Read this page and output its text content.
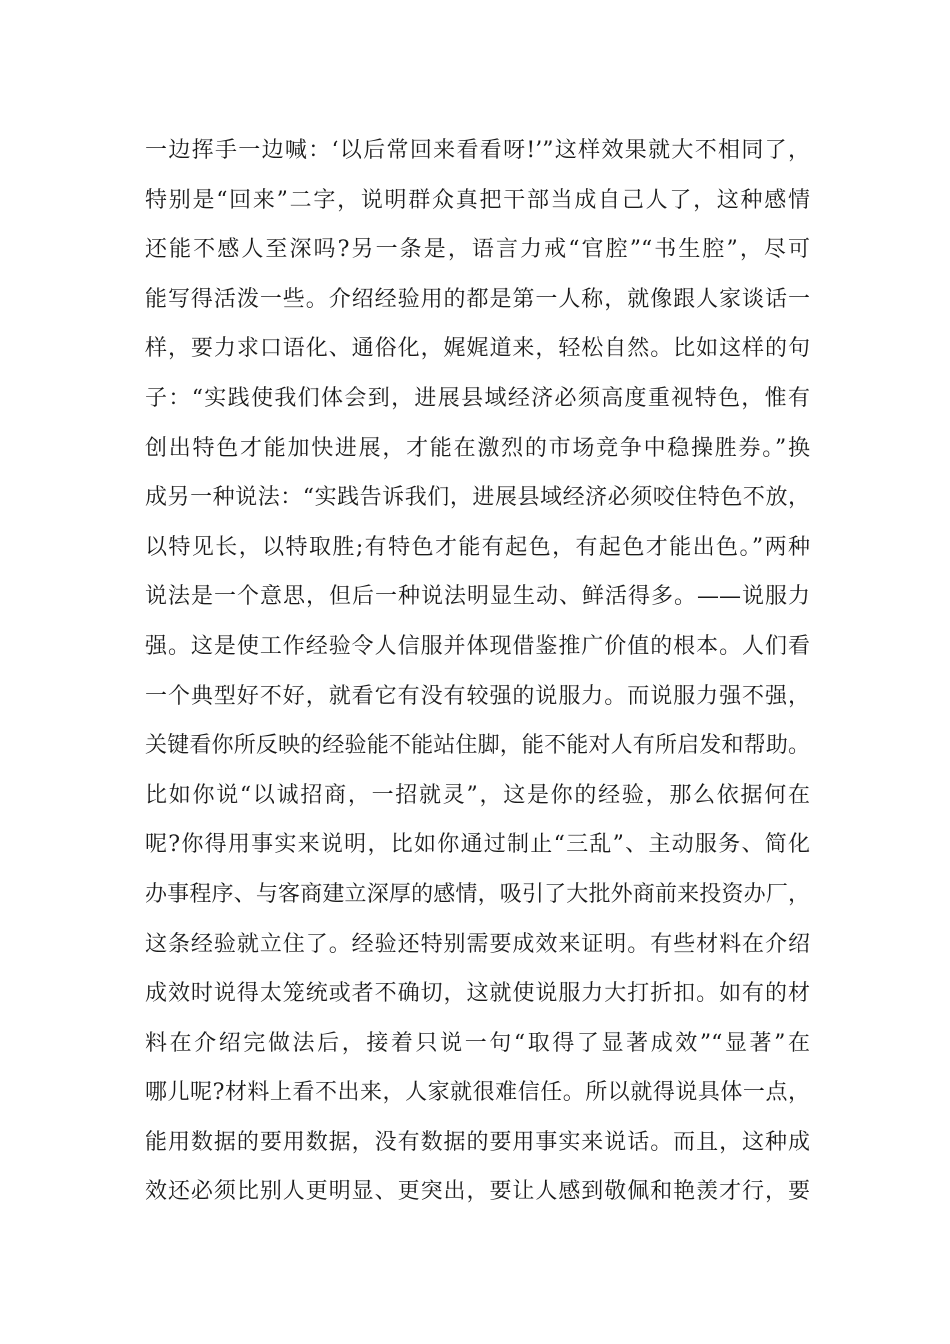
一边挥手一边喊：‘以后常回来看看呀!’”这样效果就大不相同了，
特别是“回来”二字，说明群众真把干部当成自己人了，这种感情
还能不感人至深吗?另一条是，语言力戒“官腔”“书生腔”，尽可
能写得活泼一些。介绍经验用的都是第一人称，就像跟人家谈话一
样，要力求口语化、通俗化，娓娓道来，轻松自然。比如这样的句
子：“实践使我们体会到，进展县域经济必须高度重视特色，惟有
创出特色才能加快进展，才能在激烈的市场竞争中稳操胜券。”换
成另一种说法：“实践告诉我们，进展县域经济必须咬住特色不放，
以特见长，以特取胜;有特色才能有起色，有起色才能出色。”两种
说法是一个意思，但后一种说法明显生动、鲜活得多。——说服力
强。这是使工作经验令人信服并体现借鉴推广价值的根本。人们看
一个典型好不好，就看它有没有较强的说服力。而说服力强不强，
关键看你所反映的经验能不能站住脚，能不能对人有所启发和帮助。
比如你说“以诚招商，一招就灵”，这是你的经验，那么依据何在
呢?你得用事实来说明，比如你通过制止“三乱”、主动服务、简化
办事程序、与客商建立深厚的感情，吸引了大批外商前来投资办厂，
这条经验就立住了。经验还特别需要成效来证明。有些材料在介绍
成效时说得太笼统或者不确切，这就使说服力大打折扣。如有的材
料在介绍完做法后，接着只说一句“取得了显著成效”“显著”在
哪儿呢?材料上看不出来，人家就很难信任。所以就得说具体一点，
能用数据的要用数据，没有数据的要用事实来说话。而且，这种成
效还必须比别人更明显、更突出，要让人感到敬佩和艳羡才行，要
